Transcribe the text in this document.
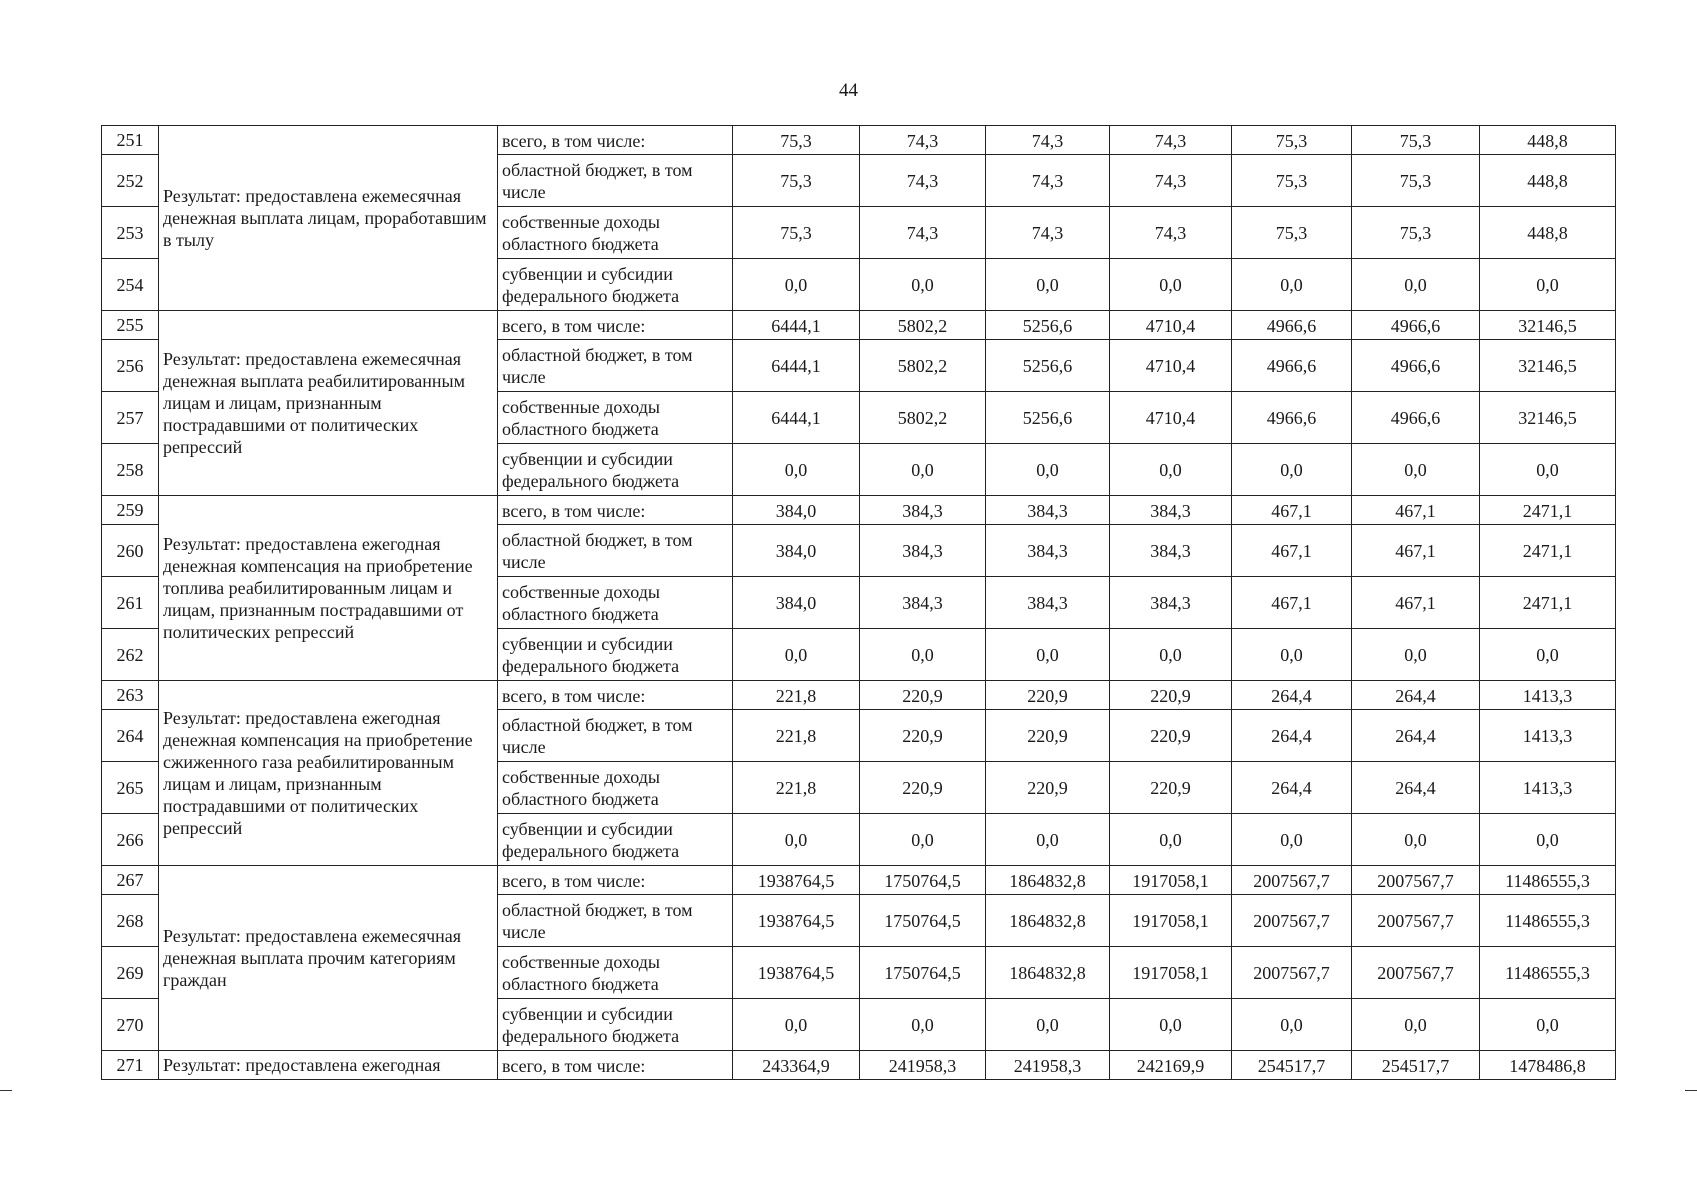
44
251	Результат: предоставлена ежемесячная денежная выплата лицам, проработавшим в тылу	всего, в том числе:	75,3	74,3	74,3	74,3	75,3	75,3	448,8
252		областной бюджет, в том числе	75,3	74,3	74,3	74,3	75,3	75,3	448,8
253		собственные доходы областного бюджета	75,3	74,3	74,3	74,3	75,3	75,3	448,8
254		субвенции и субсидии федерального бюджета	0,0	0,0	0,0	0,0	0,0	0,0	0,0
255	Результат: предоставлена ежемесячная денежная выплата реабилитированным лицам и лицам, признанным пострадавшими от политических репрессий	всего, в том числе:	6444,1	5802,2	5256,6	4710,4	4966,6	4966,6	32146,5
256		областной бюджет, в том числе	6444,1	5802,2	5256,6	4710,4	4966,6	4966,6	32146,5
257		собственные доходы областного бюджета	6444,1	5802,2	5256,6	4710,4	4966,6	4966,6	32146,5
258		субвенции и субсидии федерального бюджета	0,0	0,0	0,0	0,0	0,0	0,0	0,0
259	Результат: предоставлена ежегодная денежная компенсация на приобретение топлива реабилитированным лицам и лицам, признанным пострадавшими от политических репрессий	всего, в том числе:	384,0	384,3	384,3	384,3	467,1	467,1	2471,1
260		областной бюджет, в том числе	384,0	384,3	384,3	384,3	467,1	467,1	2471,1
261		собственные доходы областного бюджета	384,0	384,3	384,3	384,3	467,1	467,1	2471,1
262		субвенции и субсидии федерального бюджета	0,0	0,0	0,0	0,0	0,0	0,0	0,0
263	Результат: предоставлена ежегодная денежная компенсация на приобретение сжиженного газа реабилитированным лицам и лицам, признанным пострадавшими от политических репрессий	всего, в том числе:	221,8	220,9	220,9	220,9	264,4	264,4	1413,3
264		областной бюджет, в том числе	221,8	220,9	220,9	220,9	264,4	264,4	1413,3
265		собственные доходы областного бюджета	221,8	220,9	220,9	220,9	264,4	264,4	1413,3
266		субвенции и субсидии федерального бюджета	0,0	0,0	0,0	0,0	0,0	0,0	0,0
267	Результат: предоставлена ежемесячная денежная выплата прочим категориям граждан	всего, в том числе:	1938764,5	1750764,5	1864832,8	1917058,1	2007567,7	2007567,7	11486555,3
268		областной бюджет, в том числе	1938764,5	1750764,5	1864832,8	1917058,1	2007567,7	2007567,7	11486555,3
269		собственные доходы областного бюджета	1938764,5	1750764,5	1864832,8	1917058,1	2007567,7	2007567,7	11486555,3
270		субвенции и субсидии федерального бюджета	0,0	0,0	0,0	0,0	0,0	0,0	0,0
271	Результат: предоставлена ежегодная	всего, в том числе:	243364,9	241958,3	241958,3	242169,9	254517,7	254517,7	1478486,8
